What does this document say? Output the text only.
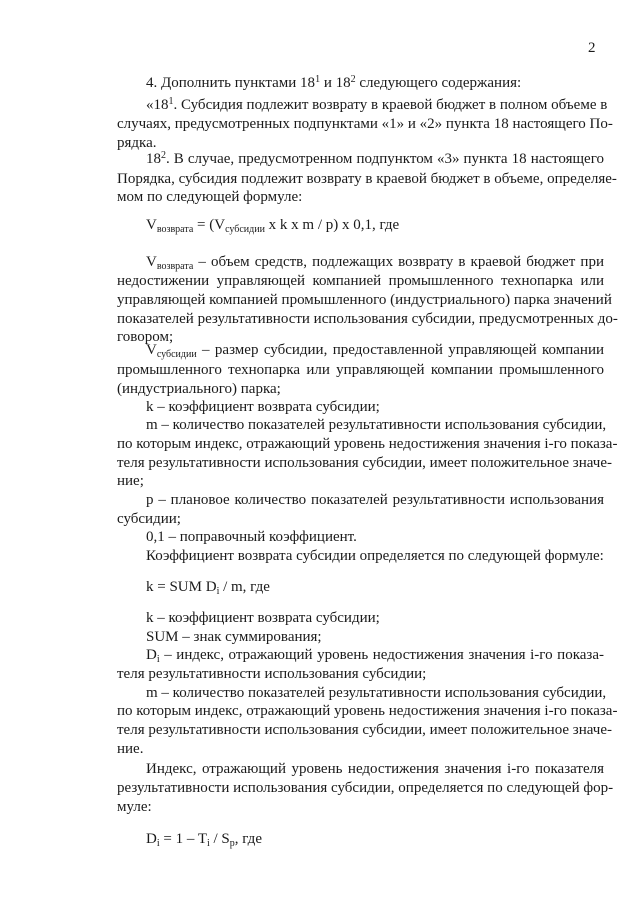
2
4. Дополнить пунктами $18^1$ и $18^2$ следующего содержания:
«$18^1$. Субсидия подлежит возврату в краевой бюджет в полном объеме в
случаях, предусмотренных подпунктами «1» и «2» пункта 18 настоящего По-
рядка.
$18^2$. В случае, предусмотренном подпунктом «3» пункта 18 настоящего
Порядка, субсидия подлежит возврату в краевой бюджет в объеме, определяе-
мом по следующей формуле:
$V_{возврата} = (V_{субсидии}$ x k x m / p) x 0,1, где
$V_{возврата}$ – объем средств, подлежащих возврату в краевой бюджет при
недостижении управляющей компанией промышленного технопарка или
управляющей компанией промышленного (индустриального) парка значений
показателей результативности использования субсидии, предусмотренных до-
говором;
$V_{субсидии}$ – размер субсидии, предоставленной управляющей компании
промышленного технопарка или управляющей компании промышленного
(индустриального) парка;
k – коэффициент возврата субсидии;
m – количество показателей результативности использования субсидии,
по которым индекс, отражающий уровень недостижения значения i-го показа-
теля результативности использования субсидии, имеет положительное значе-
ние;
p – плановое количество показателей результативности использования
субсидии;
0,1 – поправочный коэффициент.
Коэффициент возврата субсидии определяется по следующей формуле:
k = SUM $D_i$ / m, где
k – коэффициент возврата субсидии;
SUM – знак суммирования;
$D_i$ – индекс, отражающий уровень недостижения значения i-го показа-
теля результативности использования субсидии;
m – количество показателей результативности использования субсидии,
по которым индекс, отражающий уровень недостижения значения i-го показа-
теля результативности использования субсидии, имеет положительное значе-
ние.
Индекс, отражающий уровень недостижения значения i-го показателя
результативности использования субсидии, определяется по следующей фор-
муле:
$D_i = 1 - T_i / S_p$, где
